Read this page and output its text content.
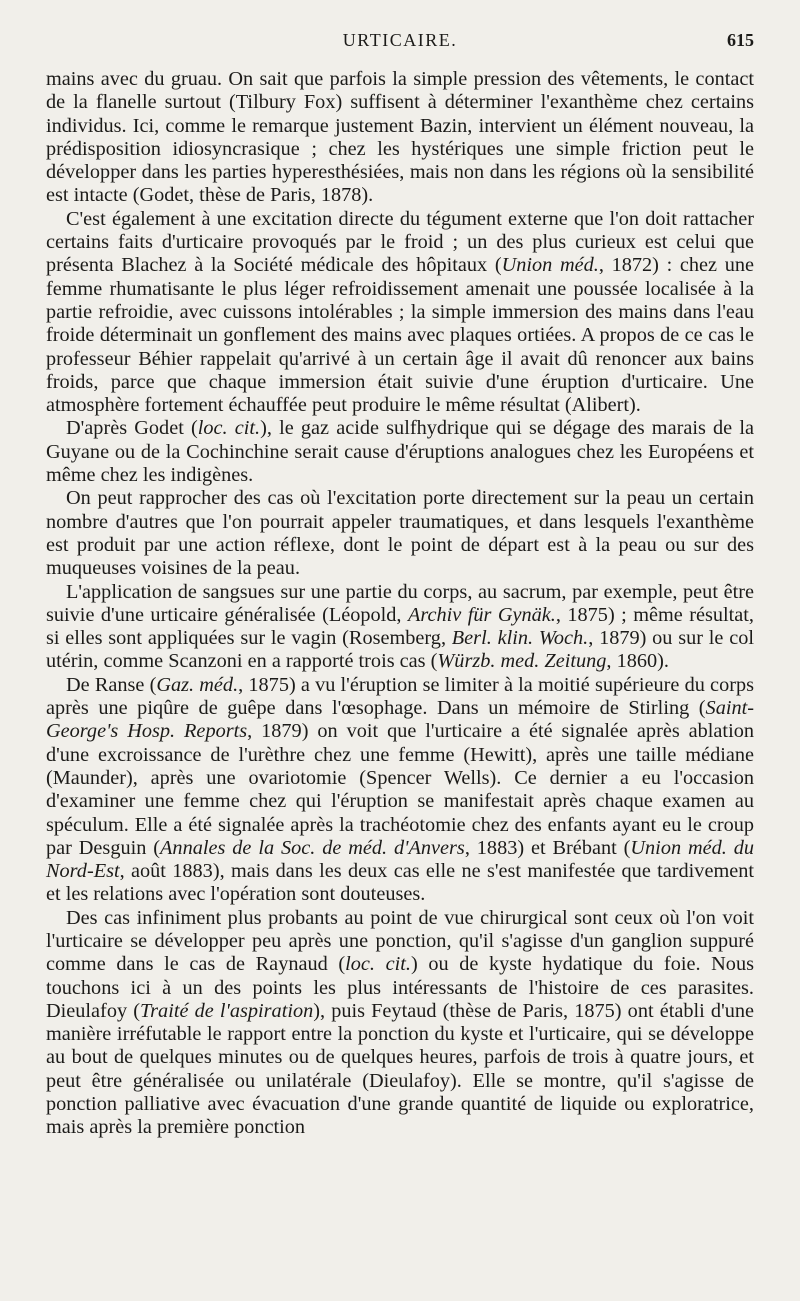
URTICAIRE.	615

mains avec du gruau. On sait que parfois la simple pression des vêtements, le contact de la flanelle surtout (Tilbury Fox) suffisent à déterminer l'exanthème chez certains individus. Ici, comme le remarque justement Bazin, intervient un élément nouveau, la prédisposition idiosyncrasique ; chez les hystériques une simple friction peut le développer dans les parties hyperesthésiées, mais non dans les régions où la sensibilité est intacte (Godet, thèse de Paris, 1878).

C'est également à une excitation directe du tégument externe que l'on doit rattacher certains faits d'urticaire provoqués par le froid ; un des plus curieux est celui que présenta Blachez à la Société médicale des hôpitaux (Union méd., 1872) : chez une femme rhumatisante le plus léger refroidissement amenait une poussée localisée à la partie refroidie, avec cuissons intolérables ; la simple immersion des mains dans l'eau froide déterminait un gonflement des mains avec plaques ortiées. A propos de ce cas le professeur Béhier rappelait qu'arrivé à un certain âge il avait dû renoncer aux bains froids, parce que chaque immersion était suivie d'une éruption d'urticaire. Une atmosphère fortement échauffée peut produire le même résultat (Alibert).

D'après Godet (loc. cit.), le gaz acide sulfhydrique qui se dégage des marais de la Guyane ou de la Cochinchine serait cause d'éruptions analogues chez les Européens et même chez les indigènes.

On peut rapprocher des cas où l'excitation porte directement sur la peau un certain nombre d'autres que l'on pourrait appeler traumatiques, et dans lesquels l'exanthème est produit par une action réflexe, dont le point de départ est à la peau ou sur des muqueuses voisines de la peau.

L'application de sangsues sur une partie du corps, au sacrum, par exemple, peut être suivie d'une urticaire généralisée (Léopold, Archiv für Gynäk., 1875) ; même résultat, si elles sont appliquées sur le vagin (Rosemberg, Berl. klin. Woch., 1879) ou sur le col utérin, comme Scanzoni en a rapporté trois cas (Würzb. med. Zeitung, 1860).

De Ranse (Gaz. méd., 1875) a vu l'éruption se limiter à la moitié supérieure du corps après une piqûre de guêpe dans l'œsophage. Dans un mémoire de Stirling (Saint-George's Hosp. Reports, 1879) on voit que l'urticaire a été signalée après ablation d'une excroissance de l'urèthre chez une femme (Hewitt), après une taille médiane (Maunder), après une ovariotomie (Spencer Wells). Ce dernier a eu l'occasion d'examiner une femme chez qui l'éruption se manifestait après chaque examen au spéculum. Elle a été signalée après la trachéotomie chez des enfants ayant eu le croup par Desguin (Annales de la Soc. de méd. d'Anvers, 1883) et Brébant (Union méd. du Nord-Est, août 1883), mais dans les deux cas elle ne s'est manifestée que tardivement et les relations avec l'opération sont douteuses.

Des cas infiniment plus probants au point de vue chirurgical sont ceux où l'on voit l'urticaire se développer peu après une ponction, qu'il s'agisse d'un ganglion suppuré comme dans le cas de Raynaud (loc. cit.) ou de kyste hydatique du foie. Nous touchons ici à un des points les plus intéressants de l'histoire de ces parasites. Dieulafoy (Traité de l'aspiration), puis Feytaud (thèse de Paris, 1875) ont établi d'une manière irréfutable le rapport entre la ponction du kyste et l'urticaire, qui se développe au bout de quelques minutes ou de quelques heures, parfois de trois à quatre jours, et peut être généralisée ou unilatérale (Dieulafoy). Elle se montre, qu'il s'agisse de ponction palliative avec évacuation d'une grande quantité de liquide ou exploratrice, mais après la première ponction
